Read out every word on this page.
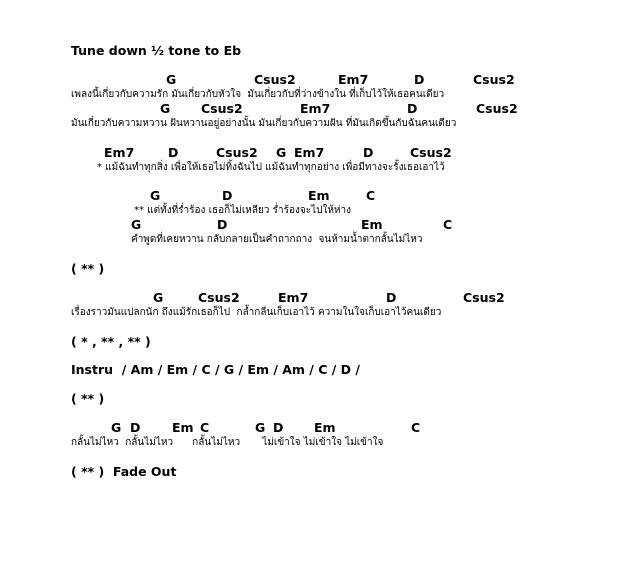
Tune down ½ tone to Eb

G

	Csus2

	Em7

	D

	Csus2

เพลงนี้เกี่ยวกับความรัก มันเกี่ยวกับหัวใจ  มันเกี่ยวกับที่ว่างข้างใน ที่เก็บไว้ให้เธอคนเดียว

G

Csus2

	Em7

	D

	Csus2

มันเกี่ยวกับความหวาน ฝันหวานอยู่อย่างนั้น มันเกี่ยวกับความฝัน ที่มันเกิดขึ้นกับฉันคนเดียว

Em7

	D

	Csus2

G

Em7

	D

	Csus2

* แม้ฉันทำทุกสิ่ง เพื่อให้เธอไม่ทิ้งฉันไป แม้ฉันทำทุกอย่าง เพื่อมีทางจะรั้งเธอเอาไว้

G

	D

	Em

	C

** แต่ทั้งที่ร่ำร้อง เธอก็ไม่เหลียว ร่ำร้องจะไปให้ห่าง

G

	D

	Em

	C

คำพูดที่เคยหวาน กลับกลายเป็นคำถากถาง  จนห้ามน้ำตากลั้นไม่ไหว
( ** )

G

	Csus2

	Em7

	D

	Csus2

เรื่องราวมันแปลกนัก ถึงแม้รักเธอก็ไป  กล้ำกลืนเก็บเอาไว้ ความในใจเก็บเอาไว้คนเดียว
( * , ** , ** )
Instru  / Am / Em / C / G / Em / Am / C / D /
( ** )

G

D

	Em

C

	G

D

Em

	C

กลั้นไม่ไหว  กลั้นไม่ไหว      กลั้นไม่ไหว       ไม่เข้าใจ ไม่เข้าใจ ไม่เข้าใจ
( ** )  Fade Out
